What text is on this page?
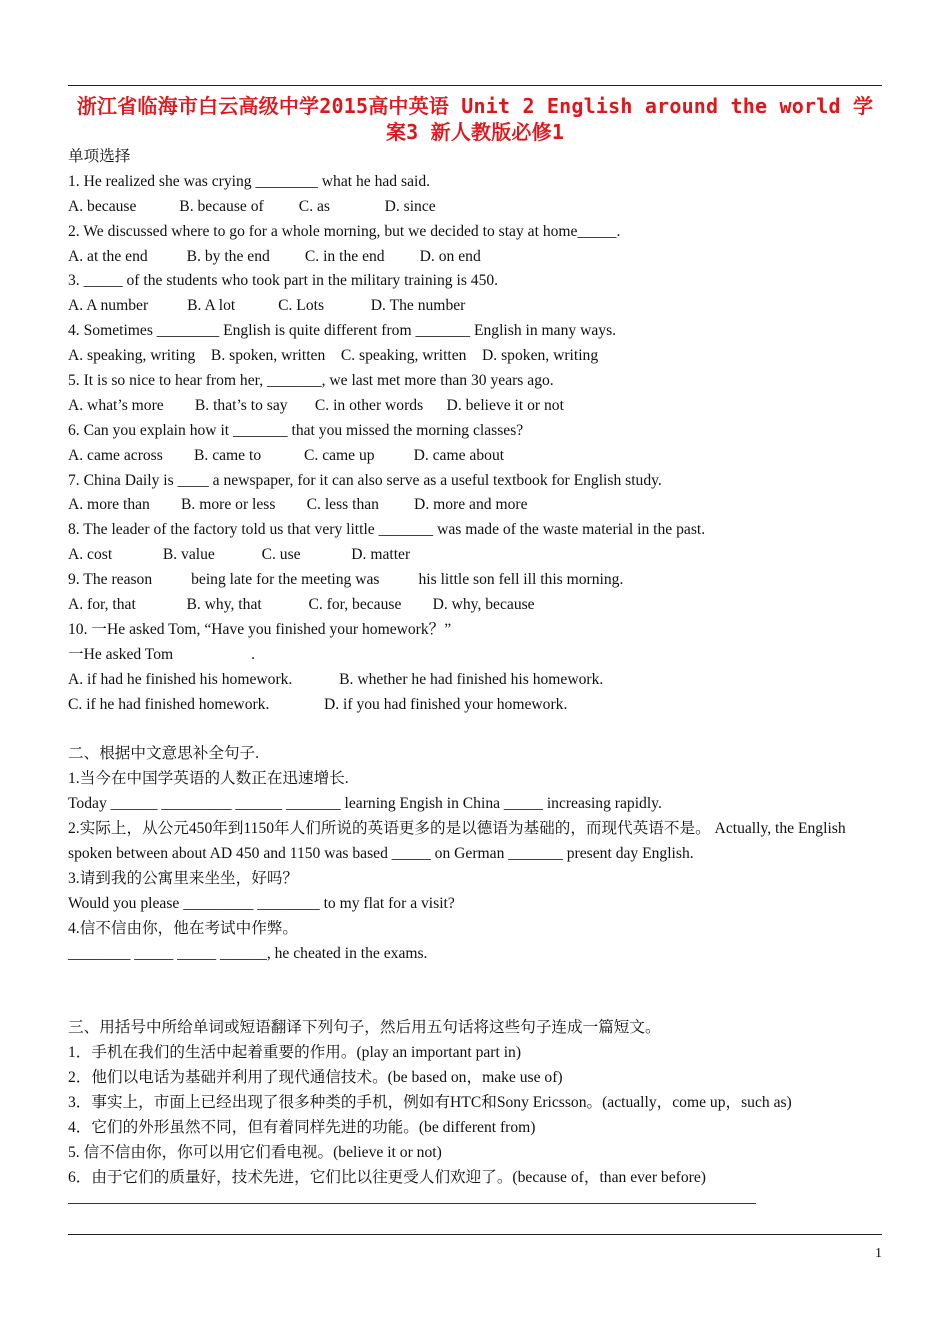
浙江省临海市白云高级中学2015高中英语 Unit 2 English around the world 学
案3 新人教版必修1
单项选择
1. He realized she was crying ________ what he had said.
A. because           B. because of         C. as              D. since
2. We discussed where to go for a whole morning, but we decided to stay at home_____.
A. at the end          B. by the end         C. in the end         D. on end
3. _____ of the students who took part in the military training is 450.
A. A number          B. A lot           C. Lots            D. The number
4. Sometimes ________ English is quite different from _______ English in many ways.
A. speaking, writing    B. spoken, written    C. speaking, written    D. spoken, writing
5. It is so nice to hear from her, _______, we last met more than 30 years ago.
A. what’s more        B. that’s to say       C. in other words      D. believe it or not
6. Can you explain how it _______ that you missed the morning classes?
A. came across        B. came to           C. came up          D. came about
7. China Daily is ____ a newspaper, for it can also serve as a useful textbook for English study.
A. more than        B. more or less        C. less than         D. more and more
8. The leader of the factory told us that very little _______ was made of the waste material in the past.
A. cost             B. value            C. use             D. matter
9. The reason          being late for the meeting was          his little son fell ill this morning.
A. for, that             B. why, that            C. for, because        D. why, because
10. 一He asked Tom, “Have you finished your homework？”
一He asked Tom                    .
A. if had he finished his homework.            B. whether he had finished his homework.
C. if he had finished homework.              D. if you had finished your homework.
二、根据中文意思补全句子.
1.当今在中国学英语的人数正在迅速增长.
Today ______ _________ ______ _______ learning Engish in China _____ increasing rapidly.
2.实际上，从公元450年到1150年人们所说的英语更多的是以德语为基础的，而现代英语不是。 Actually, the English spoken between about AD 450 and 1150 was based _____ on German _______ present day English.
3.请到我的公寓里来坐坐，好吗？
Would you please _________ ________ to my flat for a visit?
4.信不信由你，他在考试中作弊。
________ _____ _____ ______, he cheated in the exams.
三、用括号中所给单词或短语翻译下列句子，然后用五句话将这些句子连成一篇短文。
1．手机在我们的生活中起着重要的作用。(play an important part in)
2．他们以电话为基础并利用了现代通信技术。(be based on，make use of)
3．事实上，市面上已经出现了很多种类的手机，例如有HTC和Sony Ericsson。(actually，come up，such as)
4．它们的外形虽然不同，但有着同样先进的功能。(be different from)
5. 信不信由你，你可以用它们看电视。(believe it or not)
6．由于它们的质量好，技术先进，它们比以往更受人们欢迎了。(because of，than ever before)
1
